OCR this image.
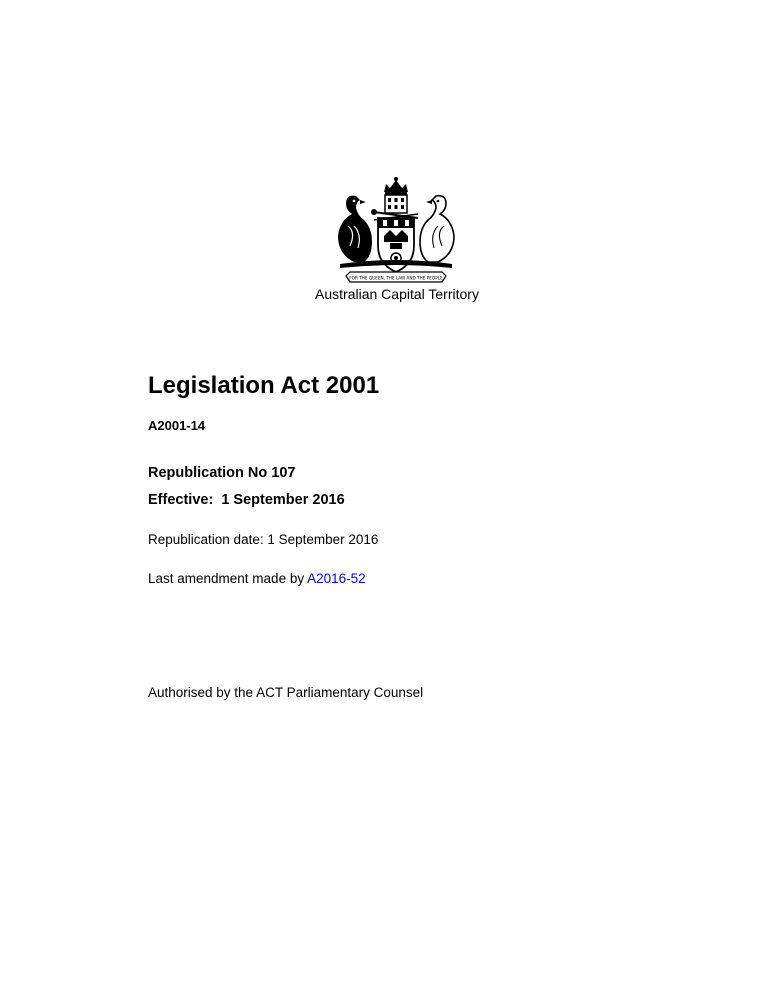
FOR THE QUEEN, THE LAW AND THE PEOPLE
Australian Capital Territory
Legislation Act 2001
A2001-14
Republication No 107
Effective:  1 September 2016
Republication date: 1 September 2016
Last amendment made by A2016-52
Authorised by the ACT Parliamentary Counsel
